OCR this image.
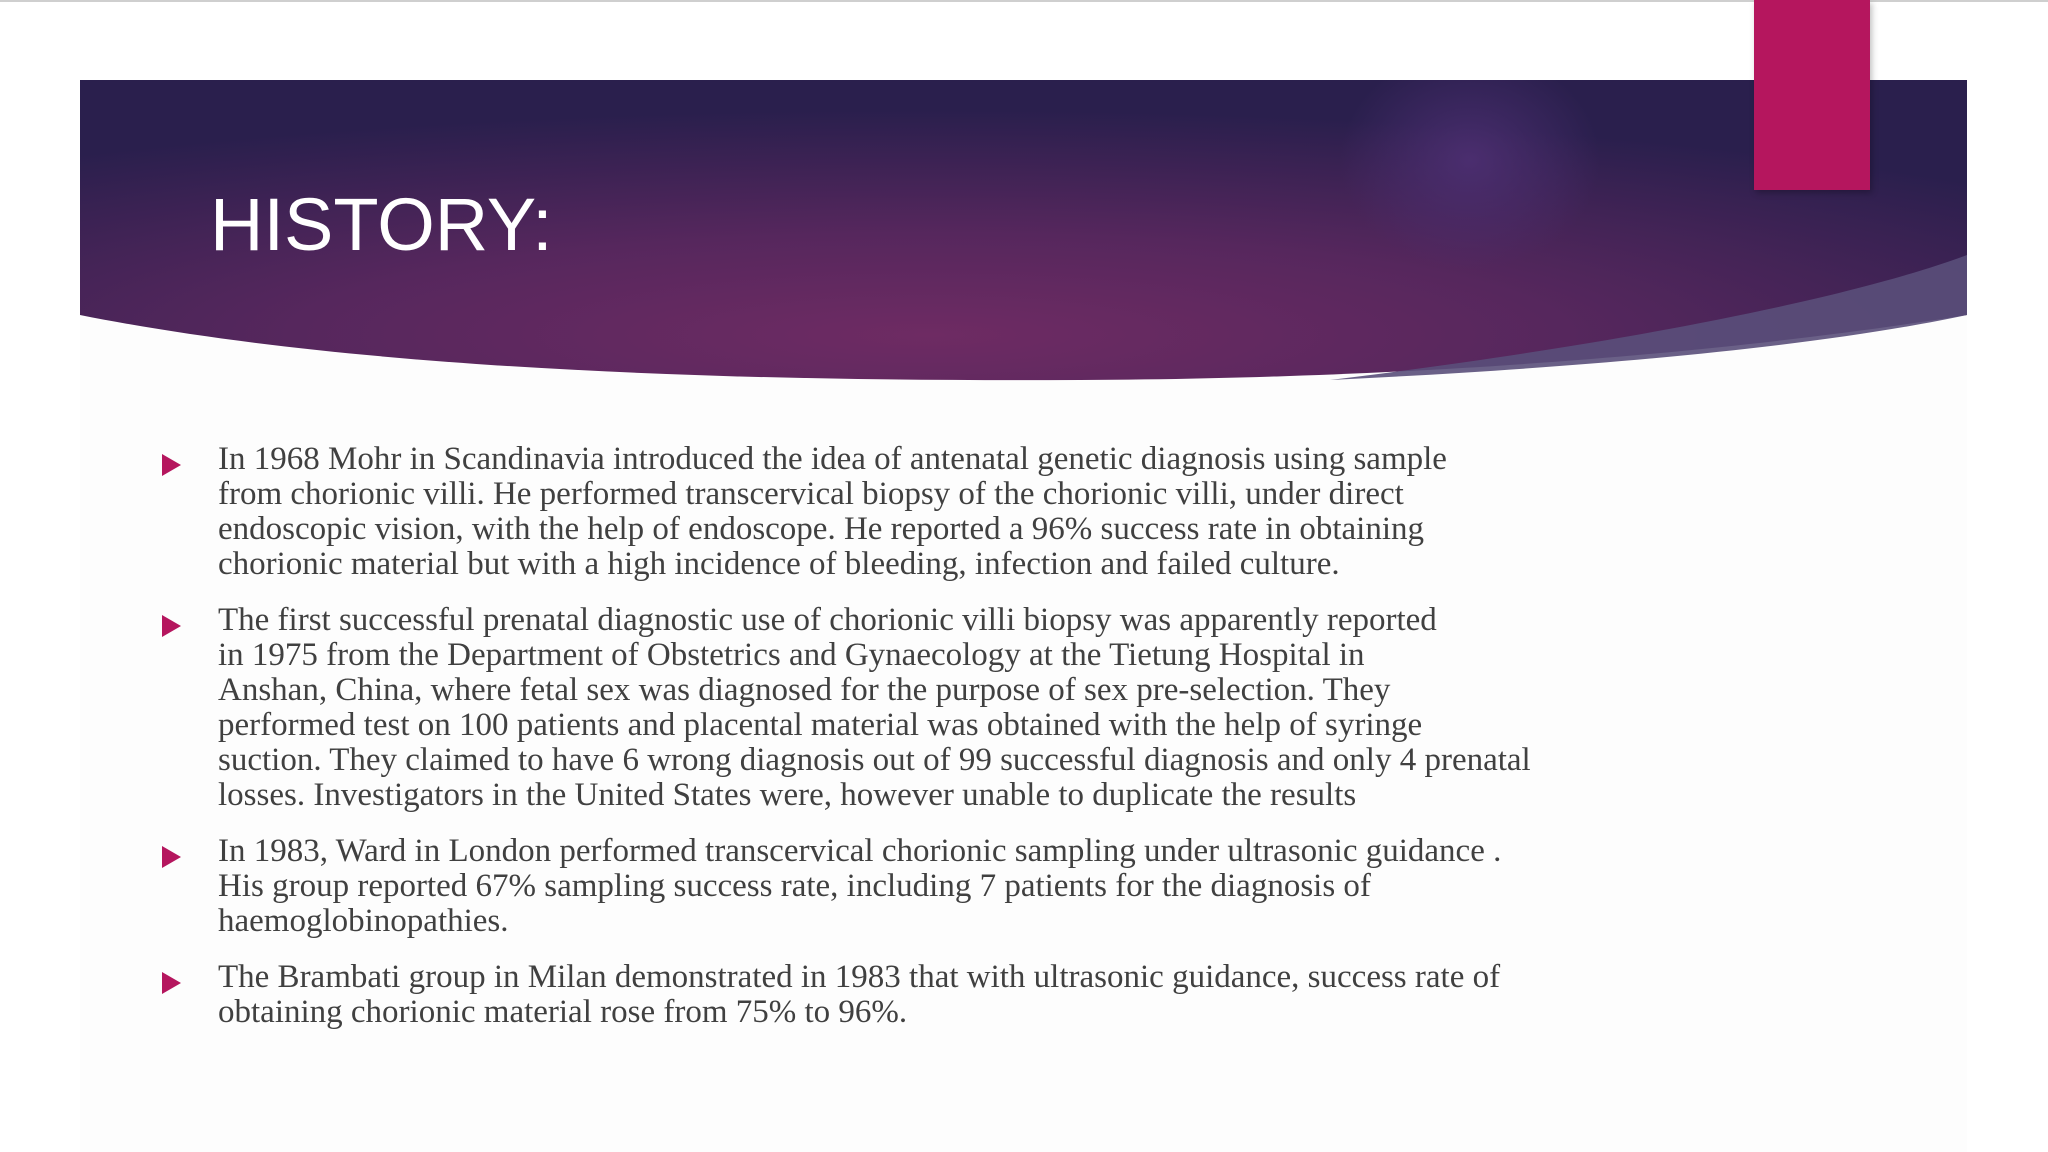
HISTORY:
In 1968 Mohr in Scandinavia introduced the idea of antenatal genetic diagnosis using sample
from chorionic villi. He performed transcervical biopsy of the chorionic villi, under direct
endoscopic vision, with the help of endoscope. He reported a 96% success rate in obtaining
chorionic material but with a high incidence of bleeding, infection and failed culture.
The first successful prenatal diagnostic use of chorionic villi biopsy was apparently reported
in 1975 from the Department of Obstetrics and Gynaecology at the Tietung Hospital in
Anshan, China, where fetal sex was diagnosed for the purpose of sex pre-selection. They
performed test on 100 patients and placental material was obtained with the help of syringe
suction. They claimed to have 6 wrong diagnosis out of 99 successful diagnosis and only 4 prenatal
losses. Investigators in the United States were, however unable to duplicate the results
In 1983, Ward in London performed transcervical chorionic sampling under ultrasonic guidance .
His group reported 67% sampling success rate, including 7 patients for the diagnosis of
haemoglobinopathies.
The Brambati group in Milan demonstrated in 1983 that with ultrasonic guidance, success rate of
obtaining chorionic material rose from 75% to 96%.
